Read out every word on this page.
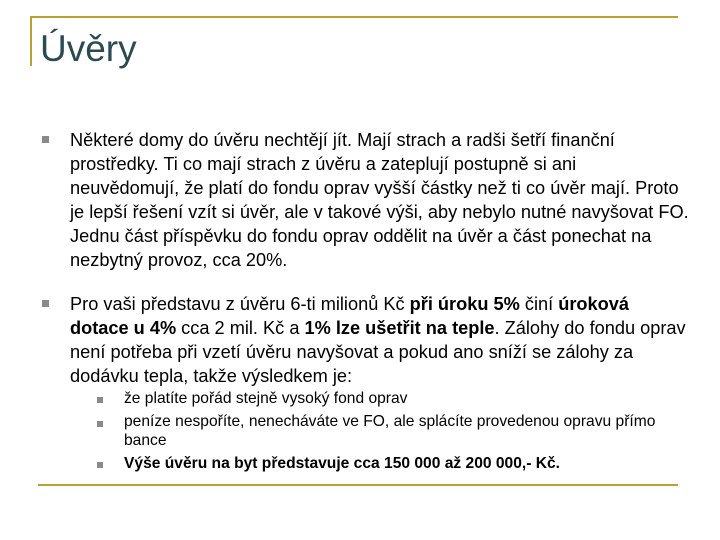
Úvěry
Některé domy do úvěru nechtějí jít. Mají strach a radši šetří finanční prostředky. Ti co mají strach z úvěru a zateplují postupně si ani neuvědomují, že platí do fondu oprav vyšší částky než ti co úvěr mají. Proto je lepší řešení vzít si úvěr, ale v takové výši, aby nebylo nutné navyšovat FO. Jednu část příspěvku do fondu oprav oddělit na úvěr a část ponechat na nezbytný provoz, cca 20%.
Pro vaši představu z úvěru 6-ti milionů Kč při úroku 5% činí úroková dotace u 4% cca 2 mil. Kč a 1% lze ušetřit na teple. Zálohy do fondu oprav není potřeba při vzetí úvěru navyšovat a pokud ano sníží se zálohy za dodávku tepla, takže výsledkem je:
že platíte pořád stejně vysoký fond oprav
peníze nespoříte, nenecháváte ve FO, ale splácíte provedenou opravu přímo bance
Výše úvěru na byt představuje cca 150 000 až 200 000,- Kč.
